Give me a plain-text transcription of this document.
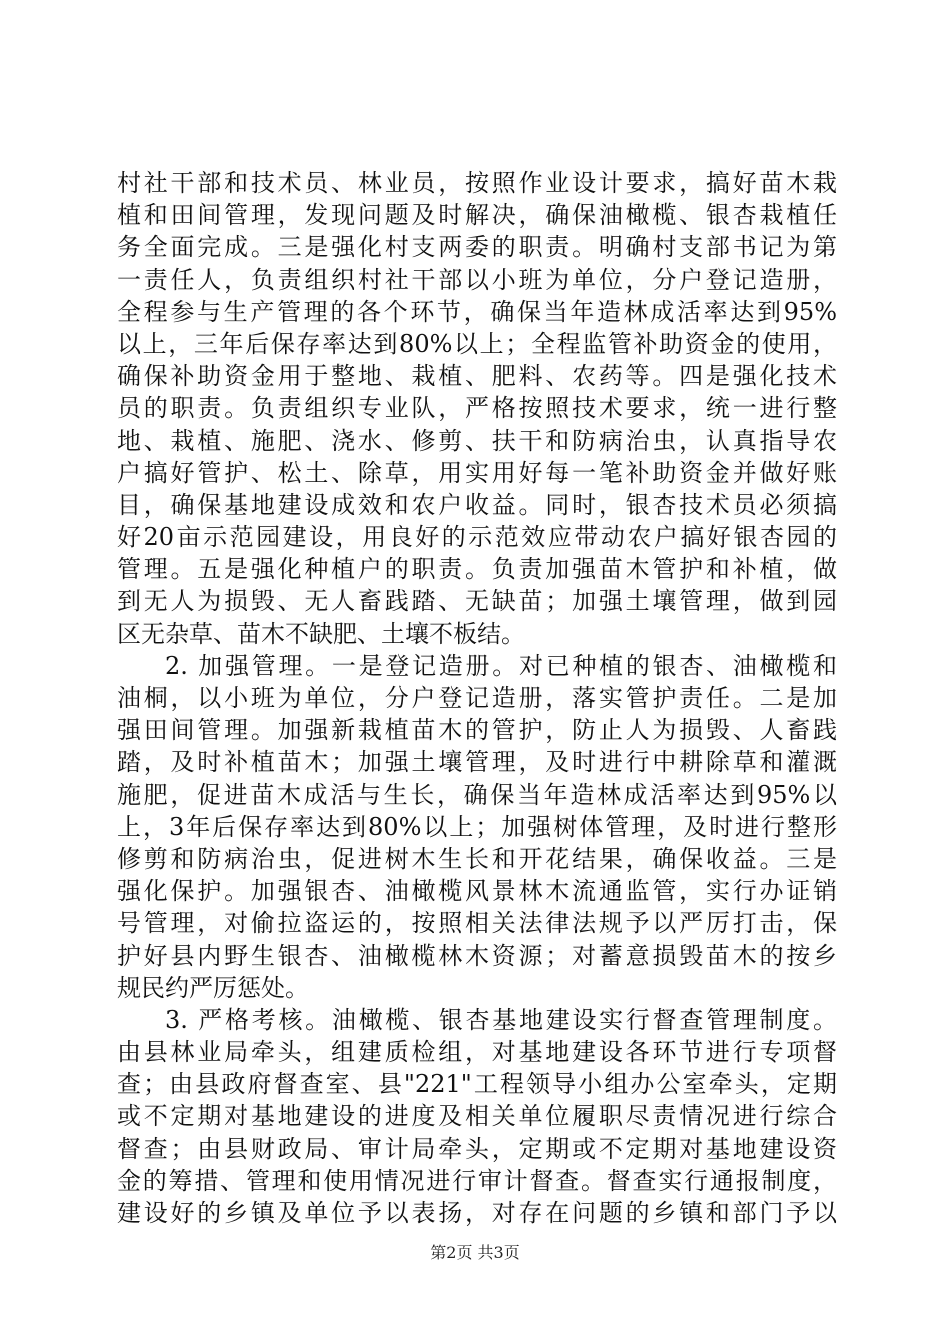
村社干部和技术员、林业员，按照作业设计要求，搞好苗木栽
植和田间管理，发现问题及时解决，确保油橄榄、银杏栽植任
务全面完成。三是强化村支两委的职责。明确村支部书记为第
一责任人，负责组织村社干部以小班为单位，分户登记造册，
全程参与生产管理的各个环节，确保当年造林成活率达到95%
以上，三年后保存率达到80%以上；全程监管补助资金的使用，
确保补助资金用于整地、栽植、肥料、农药等。四是强化技术
员的职责。负责组织专业队，严格按照技术要求，统一进行整
地、栽植、施肥、浇水、修剪、扶干和防病治虫，认真指导农
户搞好管护、松土、除草，用实用好每一笔补助资金并做好账
目，确保基地建设成效和农户收益。同时，银杏技术员必须搞
好20亩示范园建设，用良好的示范效应带动农户搞好银杏园的
管理。五是强化种植户的职责。负责加强苗木管护和补植，做
到无人为损毁、无人畜践踏、无缺苗；加强土壤管理，做到园
区无杂草、苗木不缺肥、土壤不板结。
2. 加强管理。一是登记造册。对已种植的银杏、油橄榄和
油桐，以小班为单位，分户登记造册，落实管护责任。二是加
强田间管理。加强新栽植苗木的管护，防止人为损毁、人畜践
踏，及时补植苗木；加强土壤管理，及时进行中耕除草和灌溉
施肥，促进苗木成活与生长，确保当年造林成活率达到95%以
上，3年后保存率达到80%以上；加强树体管理，及时进行整形
修剪和防病治虫，促进树木生长和开花结果，确保收益。三是
强化保护。加强银杏、油橄榄风景林木流通监管，实行办证销
号管理，对偷拉盗运的，按照相关法律法规予以严厉打击，保
护好县内野生银杏、油橄榄林木资源；对蓄意损毁苗木的按乡
规民约严厉惩处。
3. 严格考核。油橄榄、银杏基地建设实行督查管理制度。
由县林业局牵头，组建质检组，对基地建设各环节进行专项督
查；由县政府督查室、县"221"工程领导小组办公室牵头，定期
或不定期对基地建设的进度及相关单位履职尽责情况进行综合
督查；由县财政局、审计局牵头，定期或不定期对基地建设资
金的筹措、管理和使用情况进行审计督查。督查实行通报制度，
建设好的乡镇及单位予以表扬，对存在问题的乡镇和部门予以
第2页 共3页
